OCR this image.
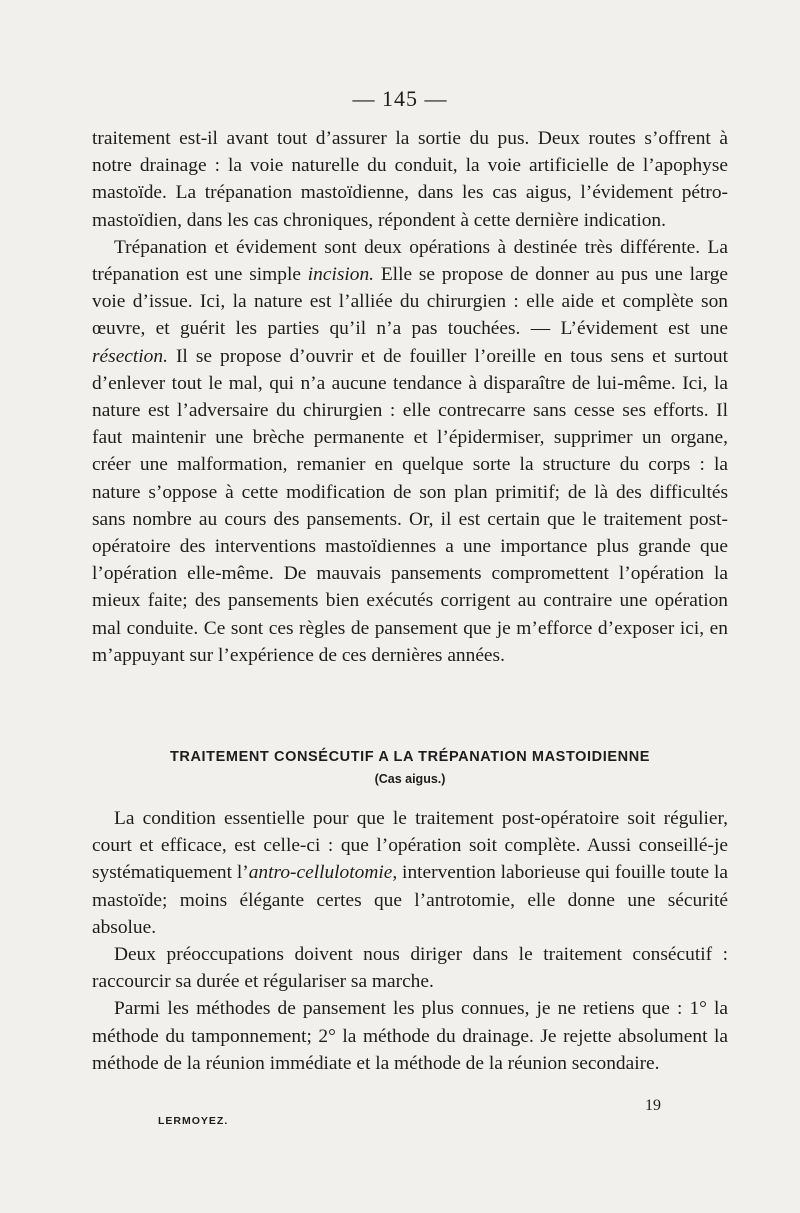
— 145 —

traitement est-il avant tout d’assurer la sortie du pus. Deux routes s’offrent à notre drainage : la voie naturelle du conduit, la voie artificielle de l’apophyse mastoïde. La trépanation mastoïdienne, dans les cas aigus, l’évidement pétro-mastoïdien, dans les cas chroniques, répondent à cette dernière indication.

Trépanation et évidement sont deux opérations à destinée très différente. La trépanation est une simple incision. Elle se propose de donner au pus une large voie d’issue. Ici, la nature est l’alliée du chirurgien : elle aide et complète son œuvre, et guérit les parties qu’il n’a pas touchées. — L’évidement est une résection. Il se propose d’ouvrir et de fouiller l’oreille en tous sens et surtout d’enlever tout le mal, qui n’a aucune tendance à disparaître de lui-même. Ici, la nature est l’adversaire du chirurgien : elle contrecarre sans cesse ses efforts. Il faut maintenir une brèche permanente et l’épidermiser, supprimer un organe, créer une malformation, remanier en quelque sorte la structure du corps : la nature s’oppose à cette modification de son plan primitif; de là des difficultés sans nombre au cours des pansements. Or, il est certain que le traitement post-opératoire des interventions mastoïdiennes a une importance plus grande que l’opération elle-même. De mauvais pansements compromettent l’opération la mieux faite; des pansements bien exécutés corrigent au contraire une opération mal conduite. Ce sont ces règles de pansement que je m’efforce d’exposer ici, en m’appuyant sur l’expérience de ces dernières années.

TRAITEMENT CONSÉCUTIF A LA TRÉPANATION MASTOIDIENNE
(Cas aigus.)

La condition essentielle pour que le traitement post-opératoire soit régulier, court et efficace, est celle-ci : que l’opération soit complète. Aussi conseillé-je systématiquement l’antro-cellulotomie, intervention laborieuse qui fouille toute la mastoïde; moins élégante certes que l’antrotomie, elle donne une sécurité absolue.

Deux préoccupations doivent nous diriger dans le traitement consécutif : raccourcir sa durée et régulariser sa marche.

Parmi les méthodes de pansement les plus connues, je ne retiens que : 1° la méthode du tamponnement; 2° la méthode du drainage. Je rejette absolument la méthode de la réunion immédiate et la méthode de la réunion secondaire.

LERMOYEZ.
19
